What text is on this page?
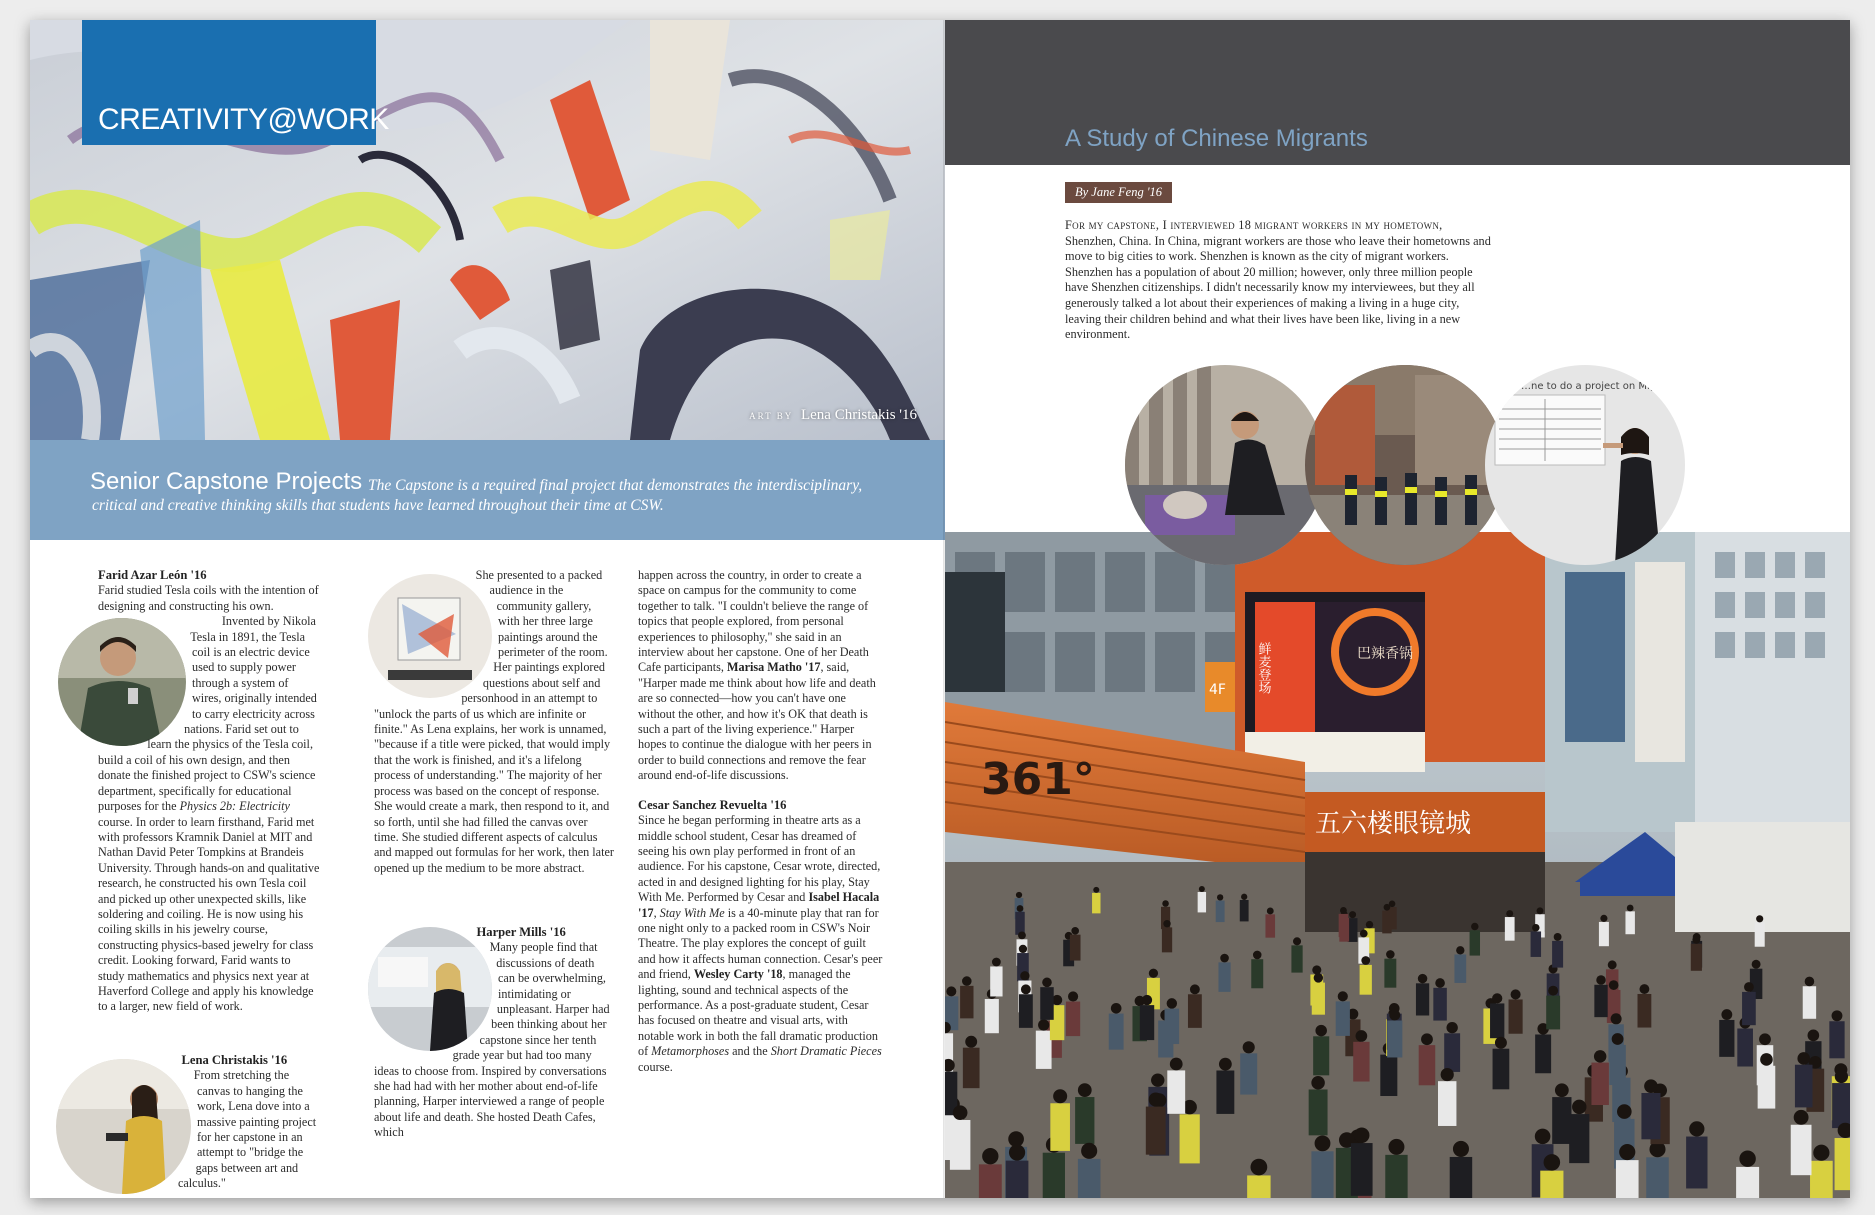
CREATIVITY@WORK
ART BY Lena Christakis '16
Senior Capstone Projects The Capstone is a required final project that demonstrates the interdisciplinary, critical and creative thinking skills that students have learned throughout their time at CSW.

Farid Azar León '16

Farid studied Tesla coils with the intention of designing and constructing his own.

Invented by Nikola Tesla in 1891, the Tesla coil is an electric device used to supply power through a system of wires, originally intended to carry electricity across nations. Farid set out to learn the physics of the Tesla coil, build a coil of his own design, and then donate the finished project to CSW's science department, specifically for educational purposes for the Physics 2b: Electricity course. In order to learn firsthand, Farid met with professors Kramnik Daniel at MIT and Nathan David Peter Tompkins at Brandeis University. Through hands-on and qualitative research, he constructed his own Tesla coil and picked up other unexpected skills, like soldering and coiling. He is now using his coiling skills in his jewelry course, constructing physics-based jewelry for class credit. Looking forward, Farid wants to study mathematics and physics next year at Haverford College and apply his knowledge to a larger, new field of work.

Lena Christakis '16

From stretching the canvas to hanging the work, Lena dove into a massive painting project for her capstone in an attempt to "bridge the gaps between art and calculus."

She presented to a packed audience in the community gallery, with her three large paintings around the perimeter of the room. Her paintings explored questions about self and personhood in an attempt to "unlock the parts of us which are infinite or finite." As Lena explains, her work is unnamed, "because if a title were picked, that would imply that the work is finished, and it's a lifelong process of understanding." The majority of her process was based on the concept of response. She would create a mark, then respond to it, and so forth, until she had filled the canvas over time. She studied different aspects of calculus and mapped out formulas for her work, then later opened up the medium to be more abstract.

Harper Mills '16

Many people find that discussions of death can be overwhelming, intimidating or unpleasant. Harper had been thinking about her capstone since her tenth grade year but had too many ideas to choose from. Inspired by conversations she had had with her mother about end-of-life planning, Harper interviewed a range of people about life and death. She hosted Death Cafes, which

happen across the country, in order to create a space on campus for the community to come together to talk. "I couldn't believe the range of topics that people explored, from personal experiences to philosophy," she said in an interview about her capstone. One of her Death Cafe participants, Marisa Matho '17, said, "Harper made me think about how life and death are so connected—how you can't have one without the other, and how it's OK that death is such a part of the living experience." Harper hopes to continue the dialogue with her peers in order to build connections and remove the fear around end-of-life discussions.

Cesar Sanchez Revuelta '16

Since he began performing in theatre arts as a middle school student, Cesar has dreamed of seeing his own play performed in front of an audience. For his capstone, Cesar wrote, directed, acted in and designed lighting for his play, Stay With Me. Performed by Cesar and Isabel Hacala '17, Stay With Me is a 40-minute play that ran for one night only to a packed room in CSW's Noir Theatre. The play explores the concept of guilt and how it affects human connection. Cesar's peer and friend, Wesley Carty '18, managed the lighting, sound and technical aspects of the performance. As a post-graduate student, Cesar has focused on theatre and visual arts, with notable work in both the fall dramatic production of Metamorphoses and the Short Dramatic Pieces course.

A Study of Chinese Migrants
By Jane Feng '16
For my capstone, I interviewed 18 migrant workers in my hometown, Shenzhen, China. In China, migrant workers are those who leave their hometowns and move to big cities to work. Shenzhen is known as the city of migrant workers. Shenzhen has a population of about 20 million; however, only three million people have Shenzhen citizenships. I didn't necessarily know my interviewees, but they all generously talked a lot about their experiences of making a living in a huge city, leaving their children behind and what their lives have been like, living in a new environment.
巴辣香锅
鲜麦登场
4F
361°
五六楼眼镜城
…ne to do a project on Migran…
